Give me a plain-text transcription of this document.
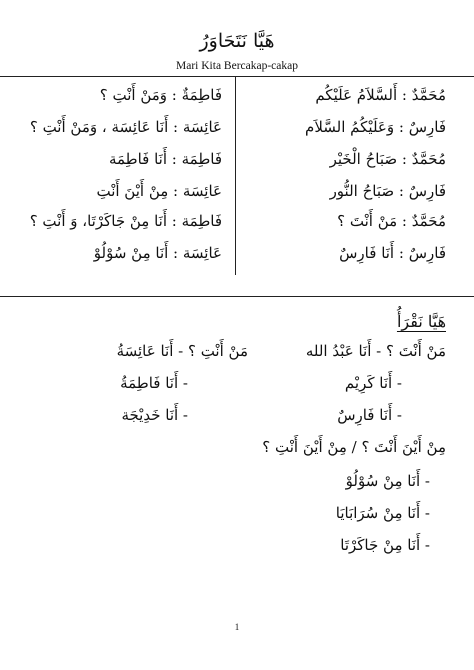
هَيَّا نَتَحَاوَرُ
Mari Kita Bercakap-cakap
مُحَمَّدٌ : أَلسَّلاَمُ عَلَيْكُم
فَارِسٌ : وَعَلَيْكُمُ السَّلاَم
مُحَمَّدٌ : صَبَاحُ الْخَيْر
فَارِسٌ : صَبَاحُ النُّور
مُحَمَّدٌ : مَنْ أَنْتَ ؟
فَارِسٌ : أَنَا فَارِسٌ
فَاطِمَةٌ : وَمَنْ أَنْتِ ؟
عَائِسَة : أَنَا عَائِسَة ، وَمَنْ أَنْتِ ؟
فَاطِمَة : أَنَا فَاطِمَة
عَائِسَة : مِنْ أَيْنَ أَنْتِ
فَاطِمَة : أَنَا مِنْ جَاكَرْتَا، وَ أَنْتِ ؟
عَائِسَة : أَنَا مِنْ سُوْلُوْ
هَيَّا نَقْرَأُ
مَنْ أَنْتَ ؟ - أَنَا عَبْدُ الله
مَنْ أَنْتِ ؟ - أَنَا عَائِسَةُ
- أَنَا كَرِيْم
- أَنَا فَارِسٌ
- أَنَا فَاطِمَةُ
- أَنَا خَدِيْجَة
مِنْ أَيْنَ أَنْتَ ؟ / مِنْ أَيْنَ أَنْتِ ؟
- أَنَا مِنْ سُوْلُوْ
- أَنَا مِنْ سُرَابَايَا
- أَنَا مِنْ جَاكَرْتَا
1
